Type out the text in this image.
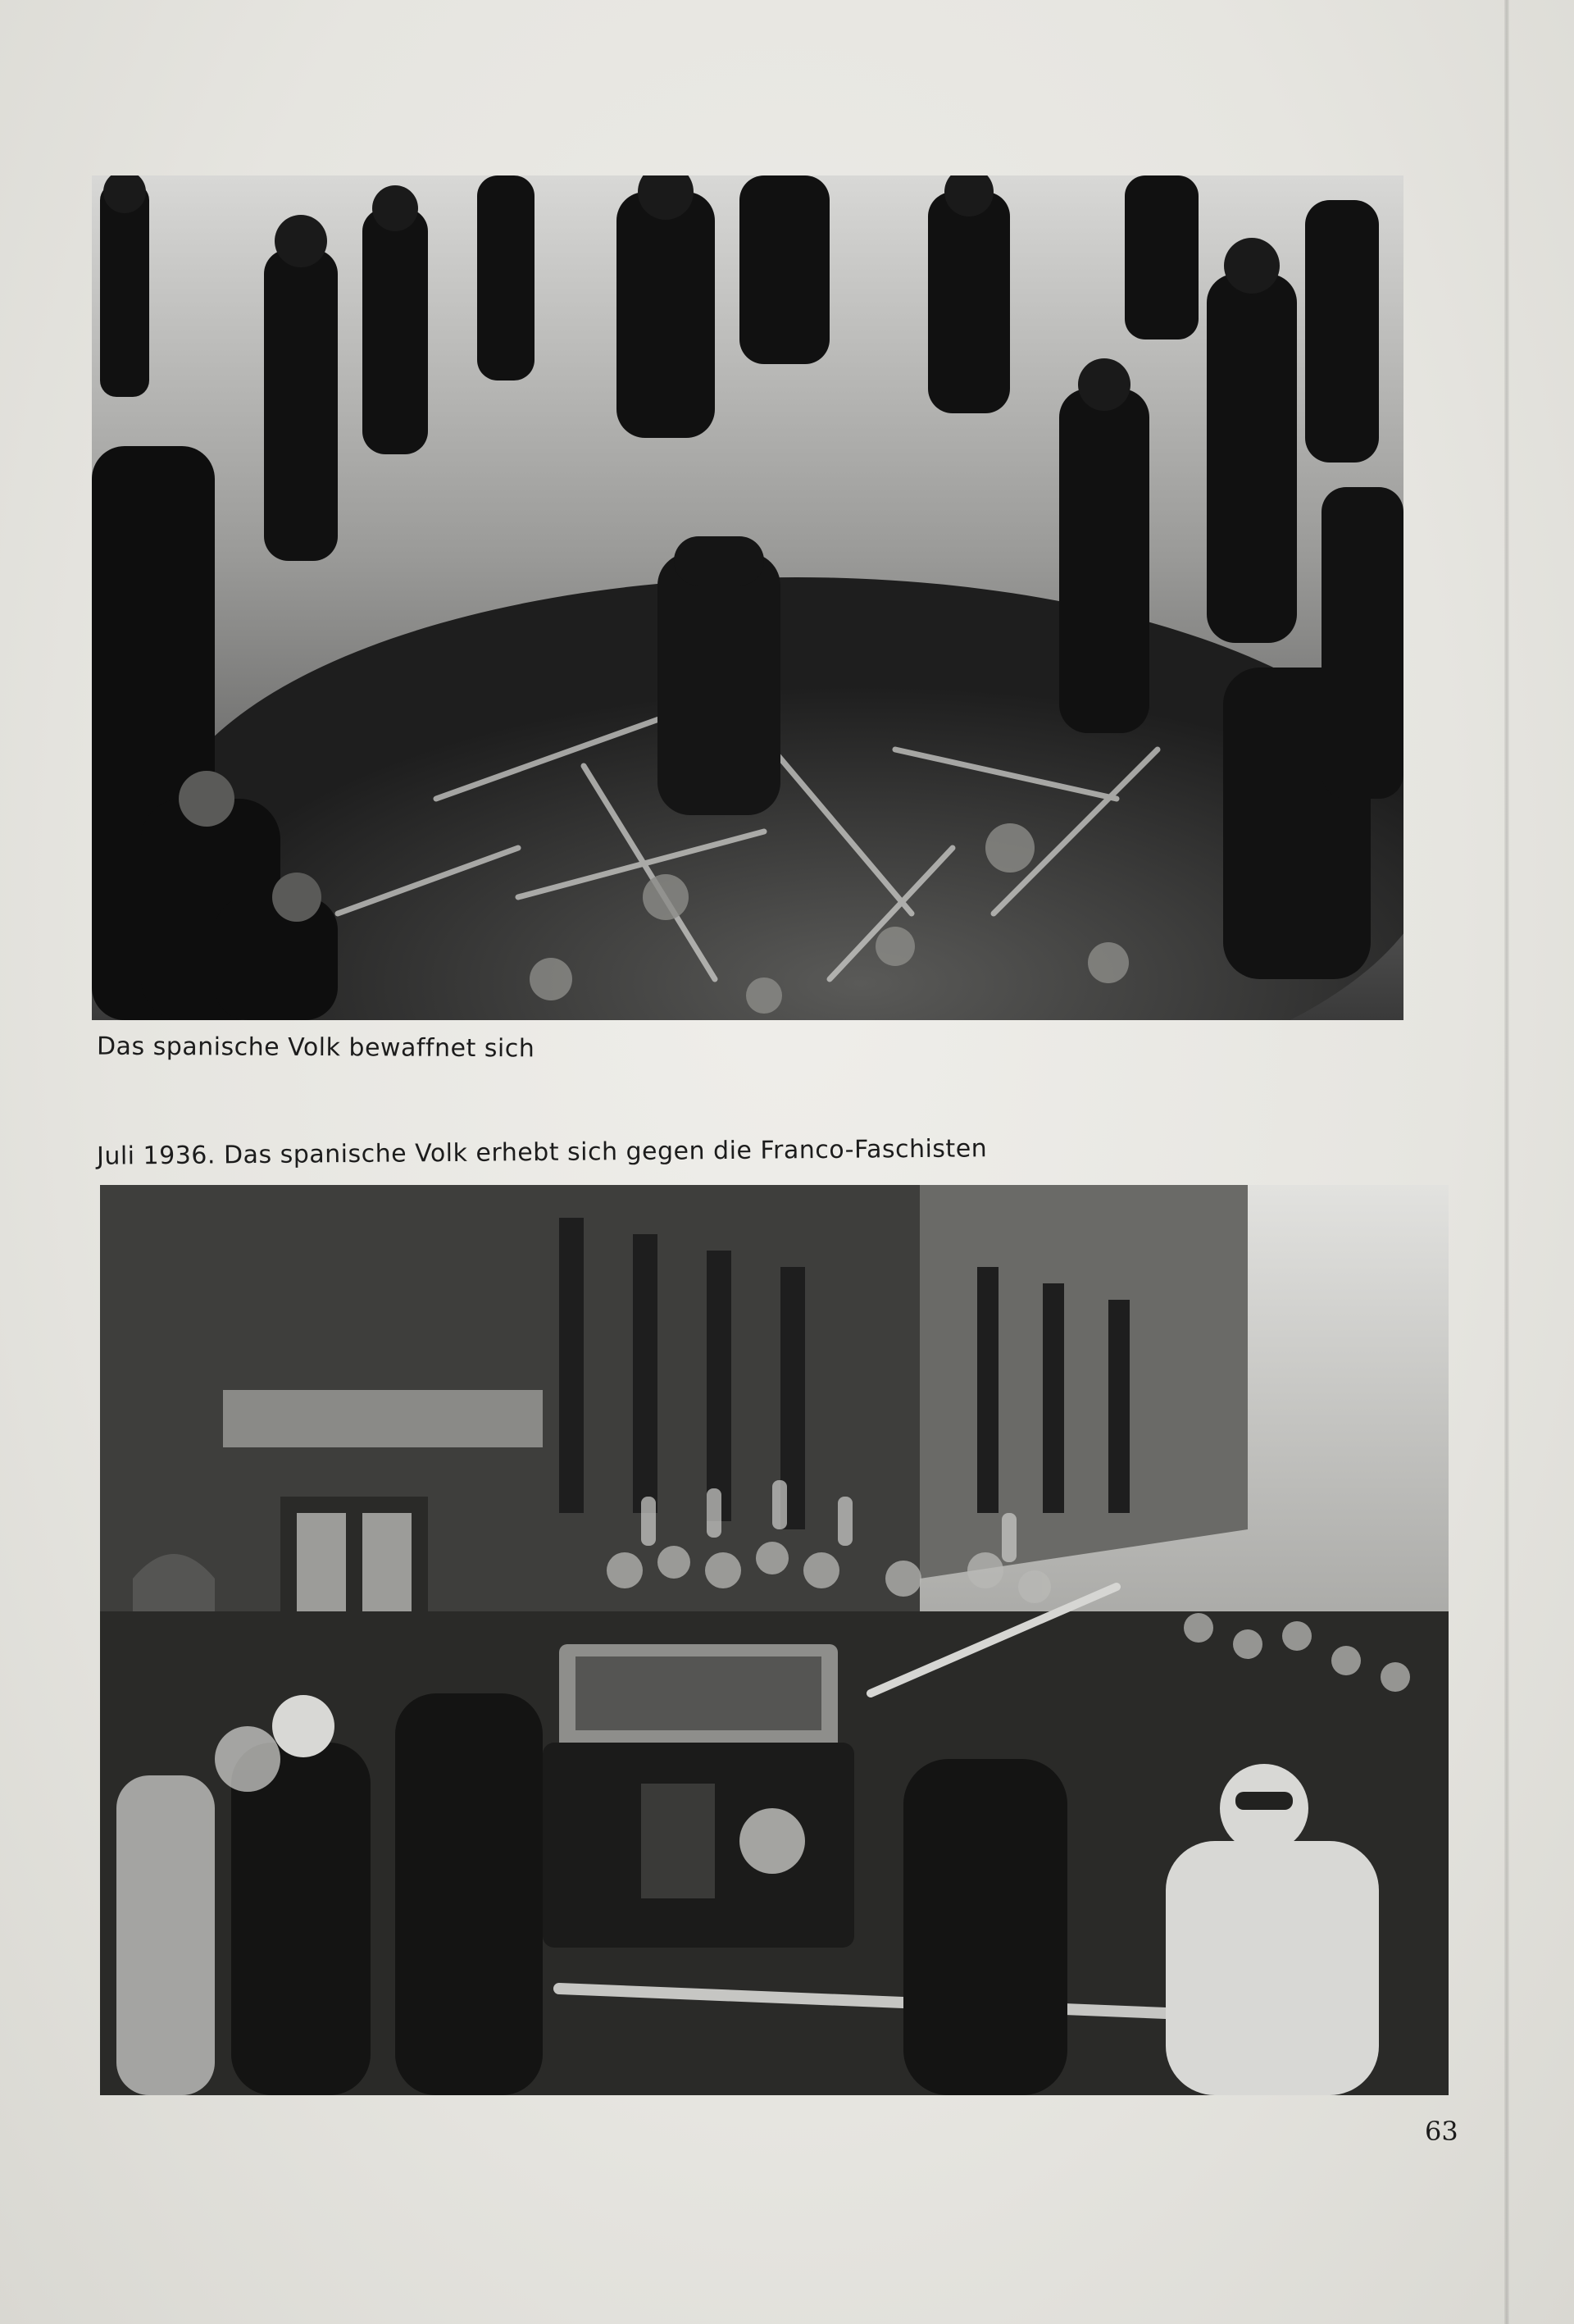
Das spanische Volk bewaffnet sich
Juli 1936. Das spanische Volk erhebt sich gegen die Franco-Faschisten
63
